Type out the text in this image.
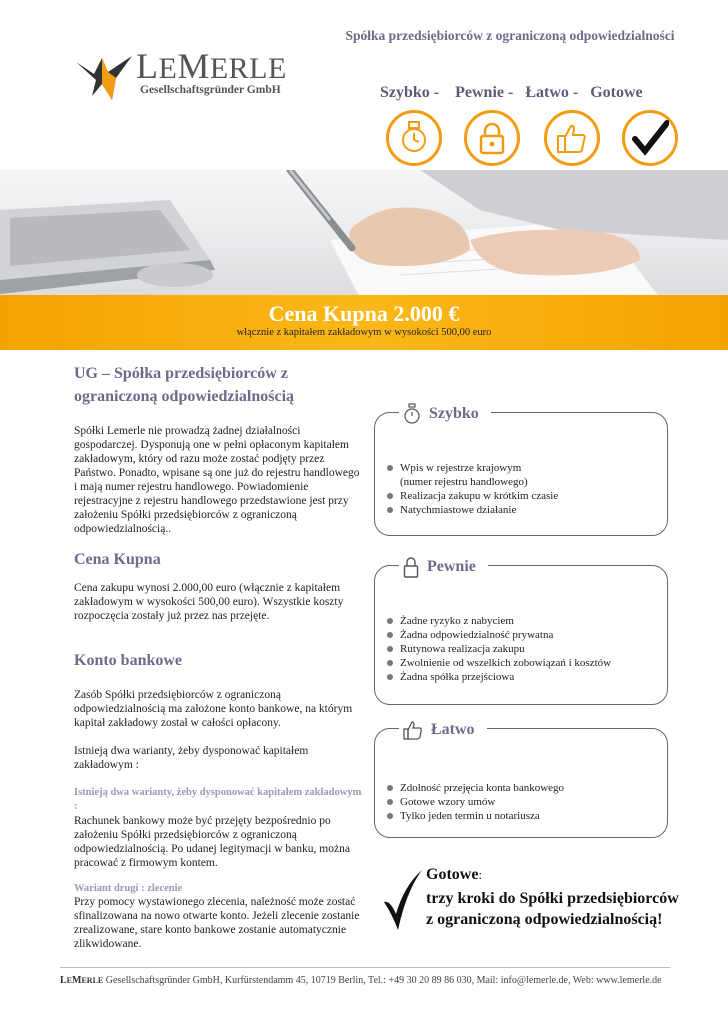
Spółka przedsiębiorców z ograniczoną odpowiedzialności
LEMERLE
Gesellschaftsgründer GmbH	Szybko - Pewnie - Łatwo - Gotowe
Cena Kupna 2.000 €
włącznie z kapitałem zakładowym w wysokości 500,00 euro
UG – Spółka przedsiębiorców z ograniczoną odpowiedzialnością
Spółki Lemerle nie prowadzą żadnej działalności gospodarczej. Dysponują one w pełni opłaconym kapitałem zakładowym, który od razu może zostać podjęty przez Państwo. Ponadto, wpisane są one już do rejestru handlowego i mają numer rejestru handlowego. Powiadomienie rejestracyjne z rejestru handlowego przedstawione jest przy założeniu Spółki przedsiębiorców z ograniczoną odpowiedzialnością..
Cena Kupna
Cena zakupu wynosi 2.000,00 euro (włącznie z kapitałem zakładowym w wysokości 500,00 euro). Wszystkie koszty rozpoczęcia zostały już przez nas przejęte.
Konto bankowe
Zasób Spółki przedsiębiorców z ograniczoną odpowiedzialnością ma założone konto bankowe, na którym kapitał zakładowy został w całości opłacony.
Istnieją dwa warianty, żeby dysponować kapitałem zakładowym :
Istnieją dwa warianty, żeby dysponować kapitałem zakładowym :
Rachunek bankowy może być przejęty bezpośrednio po założeniu Spółki przedsiębiorców z ograniczoną odpowiedzialnością. Po udanej legitymacji w banku, można pracować z firmowym kontem.
Wariant drugi : zlecenie
Przy pomocy wystawionego zlecenia, należność może zostać sfinalizowana na nowo otwarte konto. Jeżeli zlecenie zostanie zrealizowane, stare konto bankowe zostanie automatycznie zlikwidowane.
Szybko
Wpis w rejestrze krajowym
(numer rejestru handlowego)
Realizacja zakupu w krótkim czasie
Natychmiastowe działanie
Pewnie
Żadne ryzyko z nabyciem
Żadna odpowiedzialność prywatna
Rutynowa realizacja zakupu
Zwolnienie od wszelkich zobowiązań i kosztów
Żadna spółka przejściowa
Łatwo
Zdolność przejęcia konta bankowego
Gotowe wzory umów
Tylko jeden termin u notariusza
Gotowe:
trzy kroki do Spółki przedsiębiorców z ograniczoną odpowiedzialnością!
LEMERLE Gesellschaftsgründer GmbH, Kurfürstendamm 45, 10719 Berlin, Tel.: +49 30 20 89 86 030, Mail: info@lemerle.de, Web: www.lemerle.de
